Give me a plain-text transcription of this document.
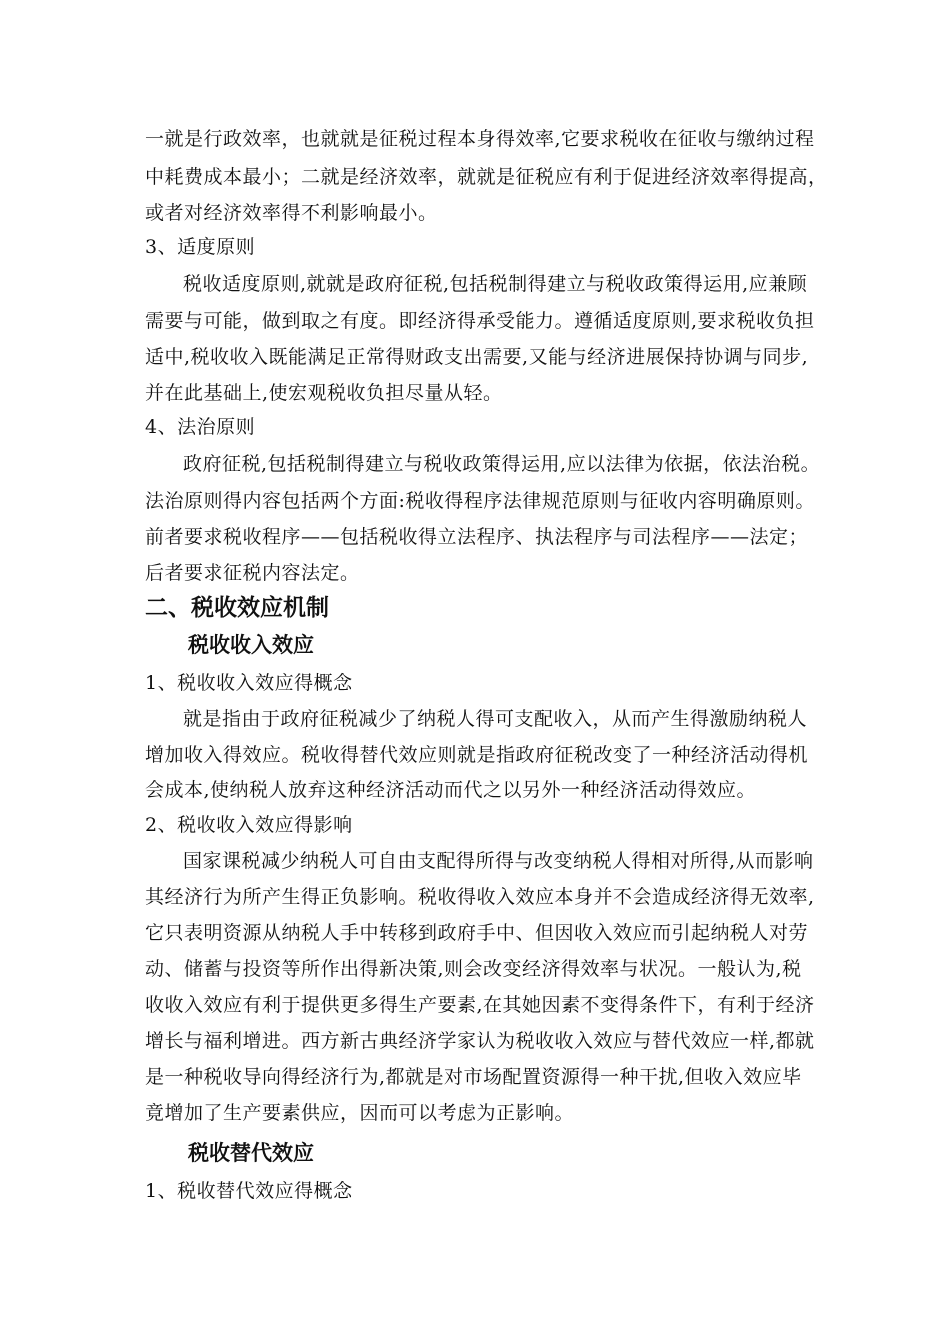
一就是行政效率，也就就是征税过程本身得效率,它要求税收在征收与缴纳过程
中耗费成本最小；二就是经济效率，就就是征税应有利于促进经济效率得提高，
或者对经济效率得不利影响最小。
3、适度原则
税收适度原则,就就是政府征税,包括税制得建立与税收政策得运用,应兼顾
需要与可能，做到取之有度。即经济得承受能力。遵循适度原则,要求税收负担
适中,税收收入既能满足正常得财政支出需要,又能与经济进展保持协调与同步,
并在此基础上,使宏观税收负担尽量从轻。
4、法治原则
政府征税,包括税制得建立与税收政策得运用,应以法律为依据，依法治税。
法治原则得内容包括两个方面:税收得程序法律规范原则与征收内容明确原则。
前者要求税收程序——包括税收得立法程序、执法程序与司法程序——法定；
后者要求征税内容法定。
二、税收效应机制
税收收入效应
1、税收收入效应得概念
就是指由于政府征税减少了纳税人得可支配收入，从而产生得激励纳税人
增加收入得效应。税收得替代效应则就是指政府征税改变了一种经济活动得机
会成本,使纳税人放弃这种经济活动而代之以另外一种经济活动得效应。
2、税收收入效应得影响
国家课税减少纳税人可自由支配得所得与改变纳税人得相对所得,从而影响
其经济行为所产生得正负影响。税收得收入效应本身并不会造成经济得无效率,
它只表明资源从纳税人手中转移到政府手中、但因收入效应而引起纳税人对劳
动、储蓄与投资等所作出得新决策,则会改变经济得效率与状况。一般认为,税
收收入效应有利于提供更多得生产要素,在其她因素不变得条件下，有利于经济
增长与福利增进。西方新古典经济学家认为税收收入效应与替代效应一样,都就
是一种税收导向得经济行为,都就是对市场配置资源得一种干扰,但收入效应毕
竟增加了生产要素供应，因而可以考虑为正影响。
税收替代效应
1、税收替代效应得概念
